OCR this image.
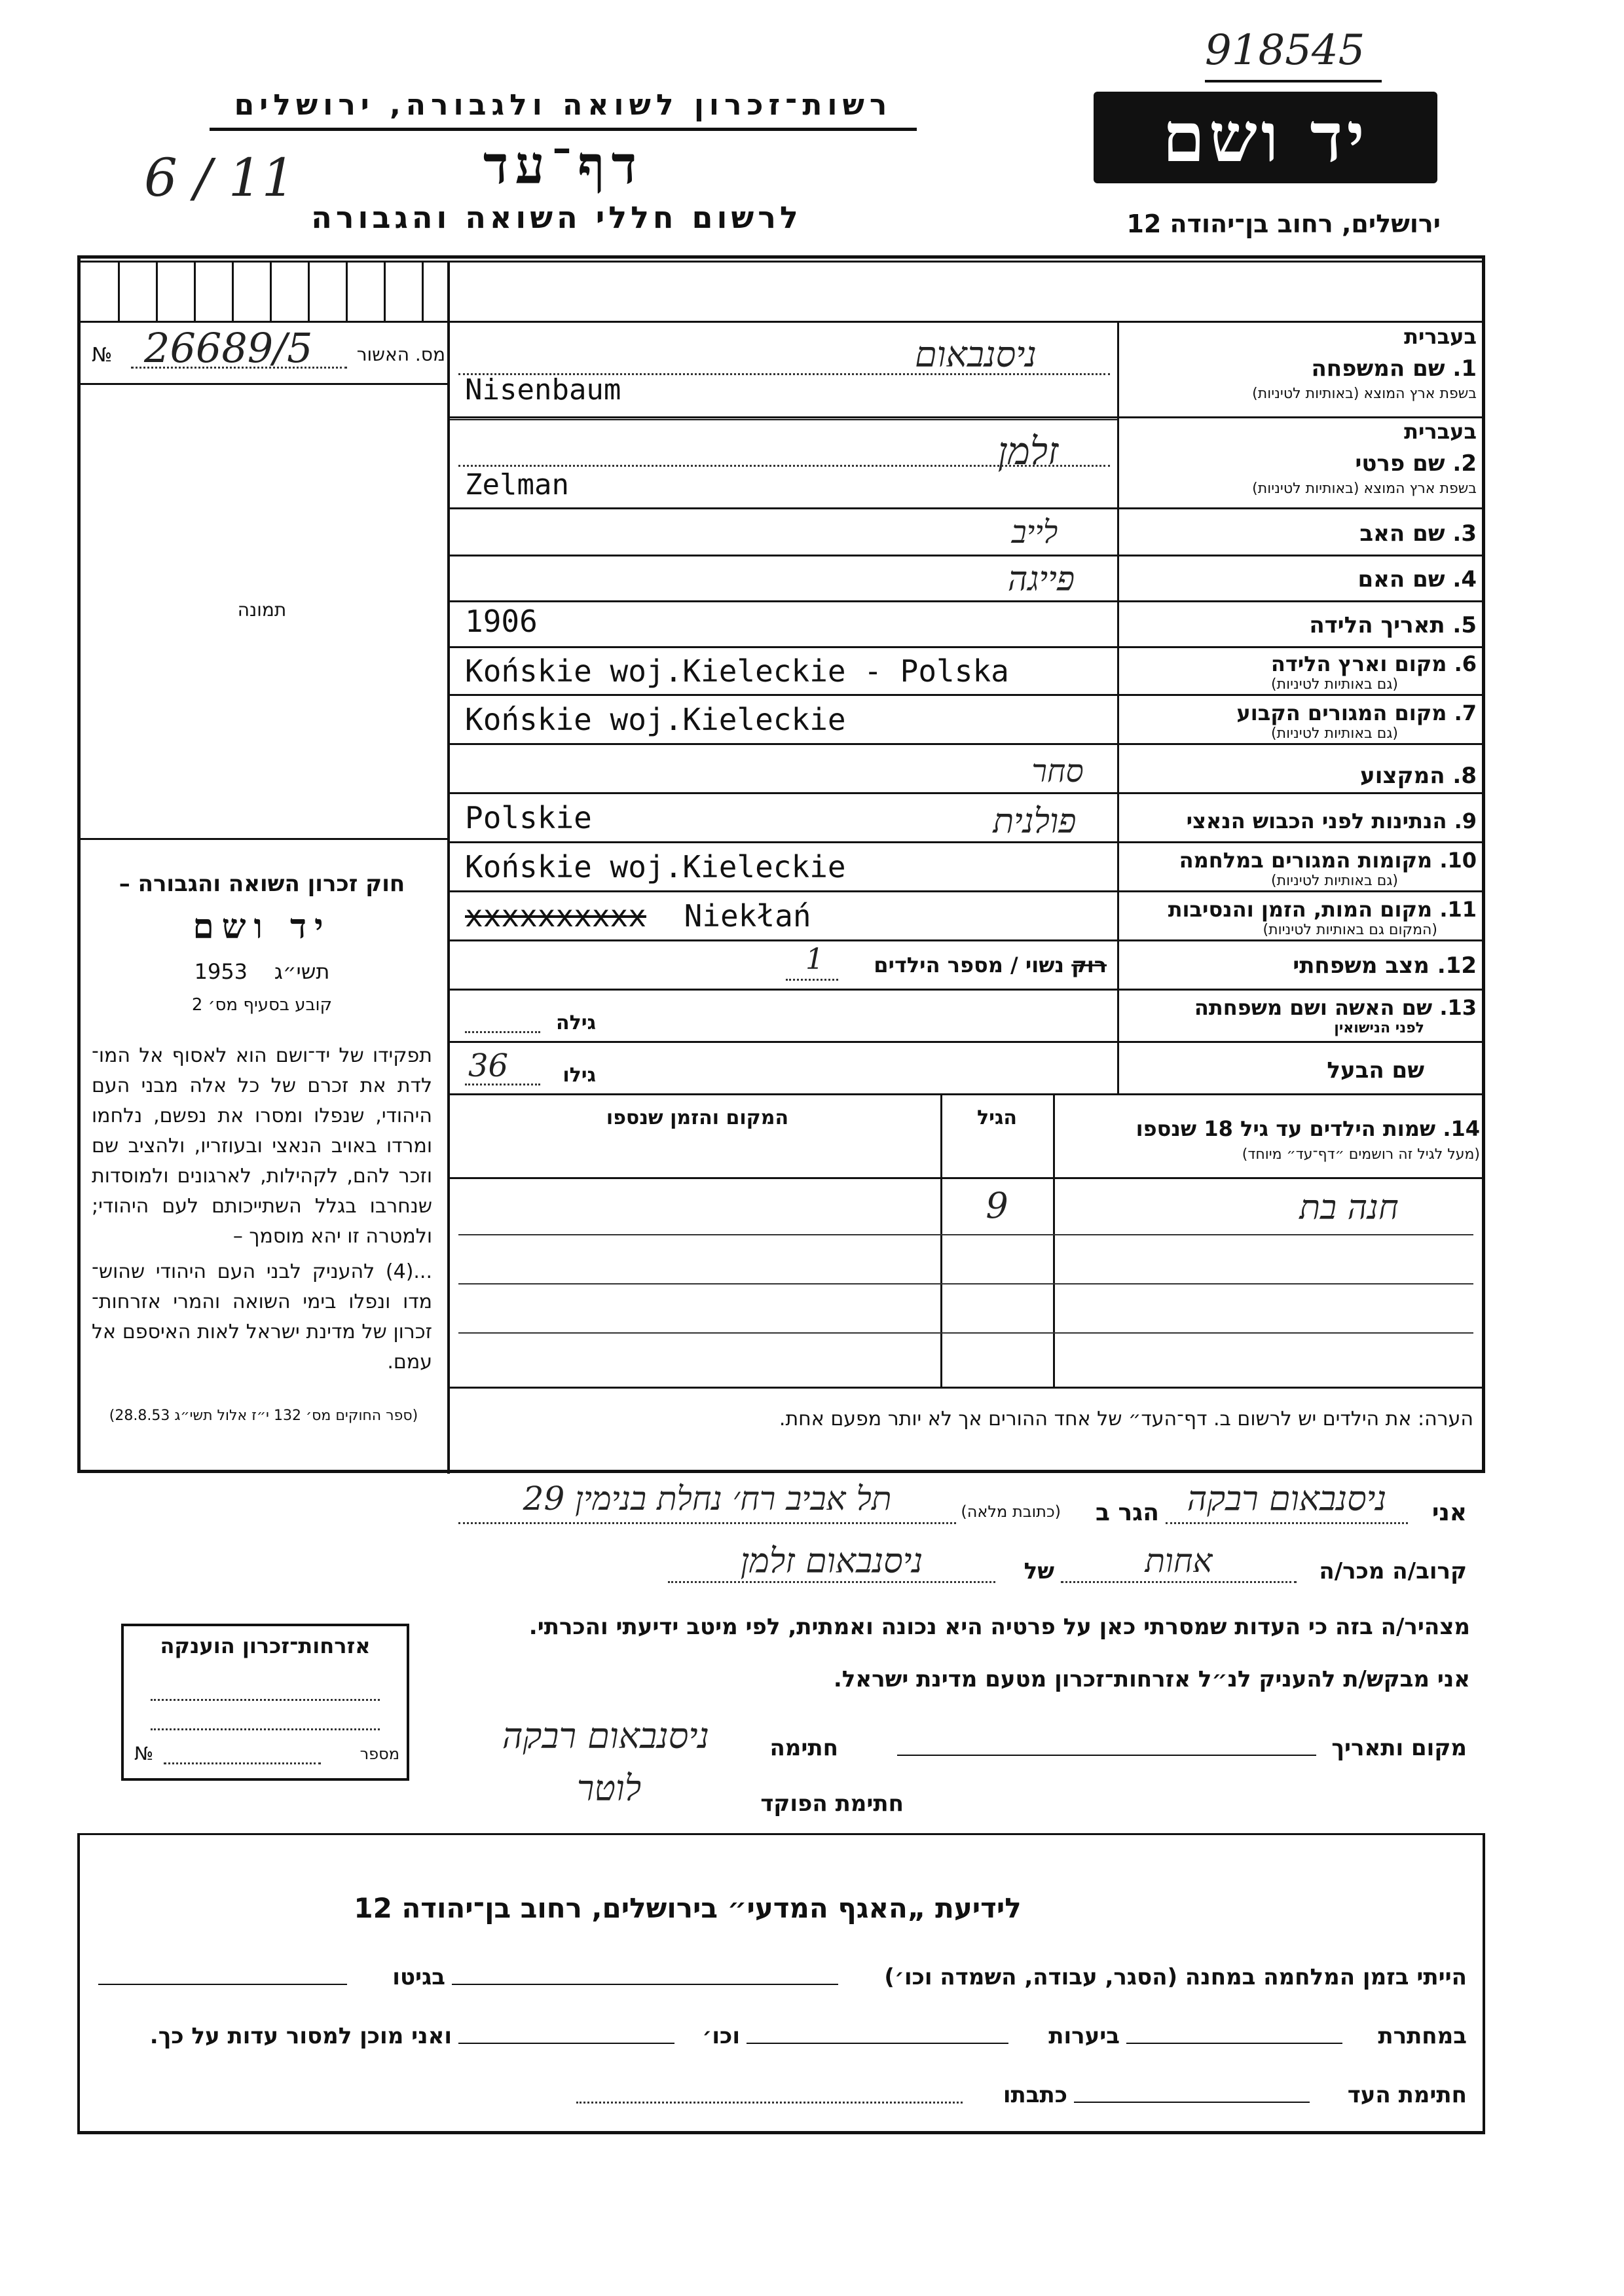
918545
רשות־זכרון לשואה ולגבורה, ירושלים
6 / 11	דף־עד
לרשום חללי השואה והגבורה
יד ושם
ירושלים, רחוב בן־יהודה 12
מס. האשור
26689/5
№
תמונה
חוק זכרון השואה והגבורה –
יד ושם
תשי״ג    1953
קובע בסעיף מס׳ 2
תפקידו של יד־ושם הוא לאסוף אל המו־ לדת את זכרם של כל אלה מבני העם היהודי, שנפלו ומסרו את נפשם, נלחמו ומרדו באויב הנאצי ובעוזריו, ולהציב שם וזכר להם, לקהילות, לארגונים ולמוסדות שנחרבו בגלל השתייכותם לעם היהודי; ולמטרה זו יהא מוסמך –
...(4) להעניק לבני העם היהודי שהוש־ מדו ונפלו בימי השואה והמרי אזרחות־ זכרון של מדינת ישראל לאות האיספם אל עמם.
(ספר החוקים מס׳ 132 י״ז אלול תשי״ג 28.8.53)
בעברית
1. שם המשפחה
בשפת ארץ המוצא (באותיות לטיניות)
ניסנבאום
Nisenbaum
בעברית
2. שם פרטי
בשפת ארץ המוצא (באותיות לטיניות)
זלמן
Zelman
3. שם האב
לייב
4. שם האם
פייגה
5. תאריך הלידה
1906
6. מקום וארץ הלידה
(גם באותיות לטיניות)
Końskie woj.Kieleckie - Polska
7. מקום המגורים הקבוע
(גם באותיות לטיניות)
Końskie woj.Kieleckie
8. המקצוע
סחר
9. הנתינות לפני הכבוש הנאצי
Polskie	פולנית
10. מקומות המגורים במלחמה
(גם באותיות לטיניות)
Końskie woj.Kieleckie
11. מקום המות, הזמן והנסיבות
(המקום גם באותיות לטיניות)
xxxxxxxxxx Niekłań
12. מצב משפחתי
רוק נשוי / מספר הילדים
1
13. שם האשה ושם משפחתה
לפני הנישואין
גילה
שם הבעל
גילו
36
14. שמות הילדים עד גיל 18 שנספו
(מעל לגיל זה רושמים ״דף־עד״ מיוחד)
הגיל
המקום והזמן שנספו
חנה בת
9
הערה: את הילדים יש לרשום ב. דף־העד״ של אחד ההורים אך לא יותר מפעם אחת.
אני
ניסנבאום רבקה
הגר ב
(כתובת מלאה)
תל אביב רח׳ נחלת בנימין 29
קרוב/ה מכר/ה
אחות
של
ניסנבאום זלמן
מצהיר/ה בזה כי העדות שמסרתי כאן על פרטיה היא נכונה ואמתית, לפי מיטב ידיעתי והכרתי.
אני מבקש/ת להעניק לנ״ל אזרחות־זכרון מטעם מדינת ישראל.
מקום ותאריך
חתימה
ניסנבאום רבקה
חתימת הפוקד
לוטר
אזרחות־זכרון הוענקה
מספר
№
לידיעת „האגף המדעי״ בירושלים, רחוב בן־יהודה 12
הייתי בזמן המלחמה במחנה (הסגר, עבודה, השמדה וכו׳)
בגיטו
במחתרת
ביערות
וכו׳
ואני מוכן למסור עדות על כך.
חתימת העד
כתבתו
